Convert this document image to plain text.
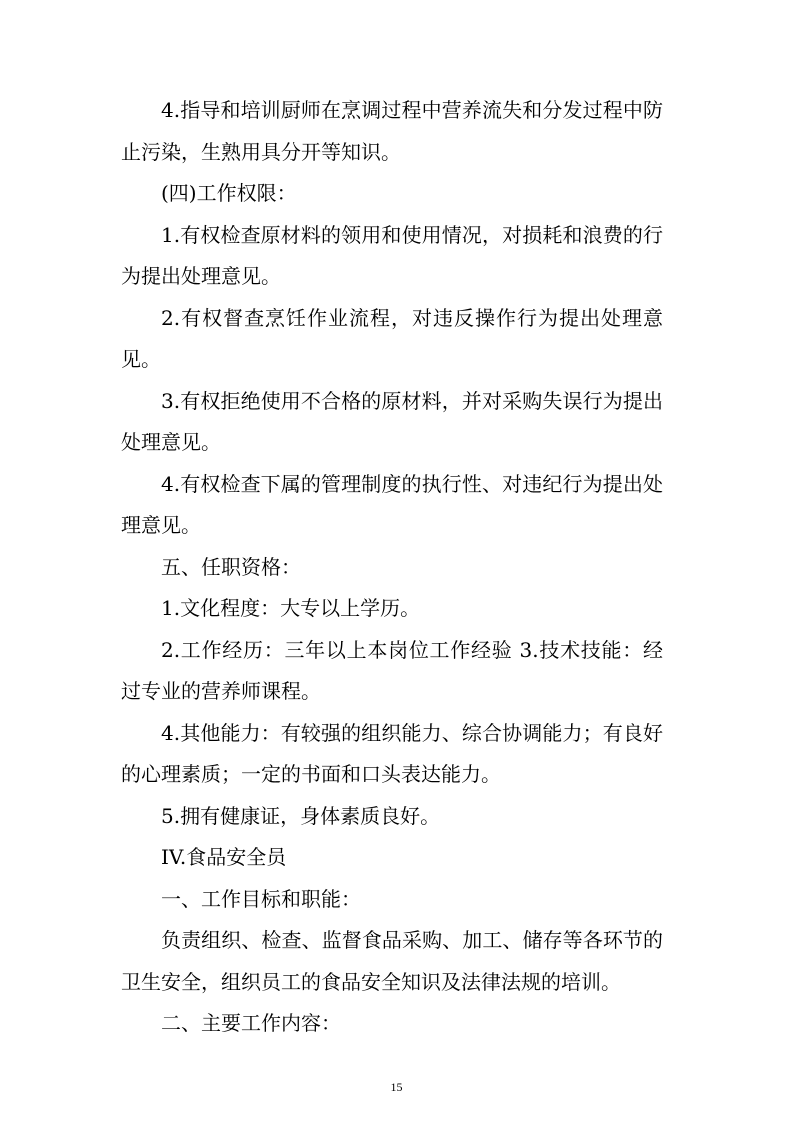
4.指导和培训厨师在烹调过程中营养流失和分发过程中防止污染，生熟用具分开等知识。

(四)工作权限：

1.有权检查原材料的领用和使用情况，对损耗和浪费的行为提出处理意见。

2.有权督查烹饪作业流程，对违反操作行为提出处理意见。

3.有权拒绝使用不合格的原材料，并对采购失误行为提出处理意见。

4.有权检查下属的管理制度的执行性、对违纪行为提出处理意见。

五、任职资格：

1.文化程度：大专以上学历。

2.工作经历：三年以上本岗位工作经验 3.技术技能：经过专业的营养师课程。

4.其他能力：有较强的组织能力、综合协调能力；有良好的心理素质；一定的书面和口头表达能力。

5.拥有健康证，身体素质良好。

IV.食品安全员

一、工作目标和职能：

负责组织、检查、监督食品采购、加工、储存等各环节的卫生安全，组织员工的食品安全知识及法律法规的培训。

二、主要工作内容：

15
